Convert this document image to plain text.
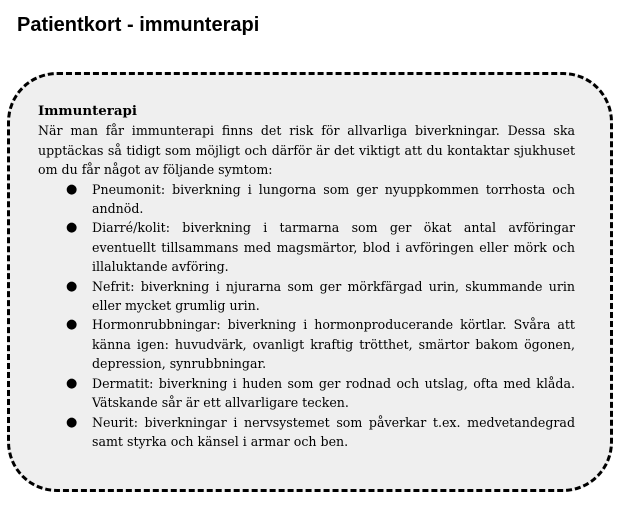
Patientkort - immunterapi

Immunterapi

När man får immunterapi finns det risk för allvarliga biverkningar. Dessa ska upptäckas så tidigt som möjligt och därför är det viktigt att du kontaktar sjukhuset om du får något av följande symtom:

● Pneumonit: biverkning i lungorna som ger nyuppkommen torrhosta och andnöd.
● Diarré/kolit: biverkning i tarmarna som ger ökat antal avföringar eventuellt tillsammans med magsmärtor, blod i avföringen eller mörk och illaluktande avföring.
● Nefrit: biverkning i njurarna som ger mörkfärgad urin, skummande urin eller mycket grumlig urin.
● Hormonrubbningar: biverkning i hormonproducerande körtlar. Svåra att känna igen: huvudvärk, ovanligt kraftig trötthet, smärtor bakom ögonen, depression, synrubbningar.
● Dermatit: biverkning i huden som ger rodnad och utslag, ofta med klåda. Vätskande sår är ett allvarligare tecken.
● Neurit: biverkningar i nervsystemet som påverkar t.ex. medvetandegrad samt styrka och känsel i armar och ben.
